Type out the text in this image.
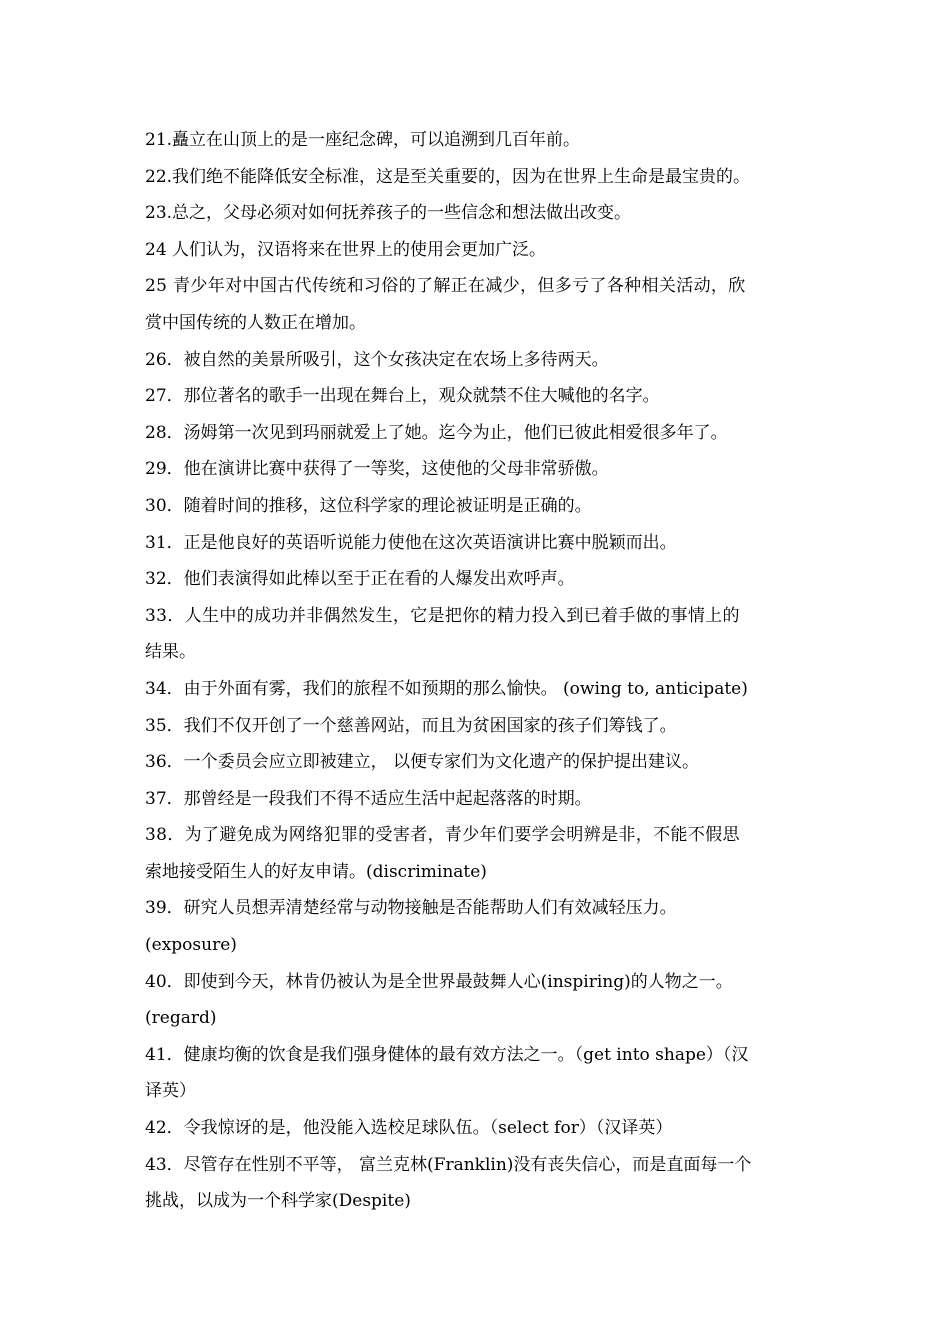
21.矗立在山顶上的是一座纪念碑，可以追溯到几百年前。
22.我们绝不能降低安全标准，这是至关重要的，因为在世界上生命是最宝贵的。
23.总之，父母必须对如何抚养孩子的一些信念和想法做出改变。
24 人们认为，汉语将来在世界上的使用会更加广泛。
25 青少年对中国古代传统和习俗的了解正在减少，但多亏了各种相关活动，欣
赏中国传统的人数正在增加。
26．被自然的美景所吸引，这个女孩决定在农场上多待两天。
27．那位著名的歌手一出现在舞台上，观众就禁不住大喊他的名字。
28．汤姆第一次见到玛丽就爱上了她。迄今为止，他们已彼此相爱很多年了。
29．他在演讲比赛中获得了一等奖，这使他的父母非常骄傲。
30．随着时间的推移，这位科学家的理论被证明是正确的。
31．正是他良好的英语听说能力使他在这次英语演讲比赛中脱颖而出。
32．他们表演得如此棒以至于正在看的人爆发出欢呼声。
33．人生中的成功并非偶然发生，它是把你的精力投入到已着手做的事情上的
结果。
34．由于外面有雾，我们的旅程不如预期的那么愉快。 (owing to, anticipate)
35．我们不仅开创了一个慈善网站，而且为贫困国家的孩子们筹钱了。
36．一个委员会应立即被建立， 以便专家们为文化遗产的保护提出建议。
37．那曾经是一段我们不得不适应生活中起起落落的时期。
38．为了避免成为网络犯罪的受害者，青少年们要学会明辨是非，不能不假思
索地接受陌生人的好友申请。(discriminate)
39．研究人员想弄清楚经常与动物接触是否能帮助人们有效减轻压力。
(exposure)
40．即使到今天，林肯仍被认为是全世界最鼓舞人心(inspiring)的人物之一。
(regard)
41．健康均衡的饮食是我们强身健体的最有效方法之一。（get into shape）（汉
译英）
42．令我惊讶的是，他没能入选校足球队伍。（select for）（汉译英）
43．尽管存在性别不平等， 富兰克林(Franklin)没有丧失信心，而是直面每一个
挑战，以成为一个科学家(Despite)
